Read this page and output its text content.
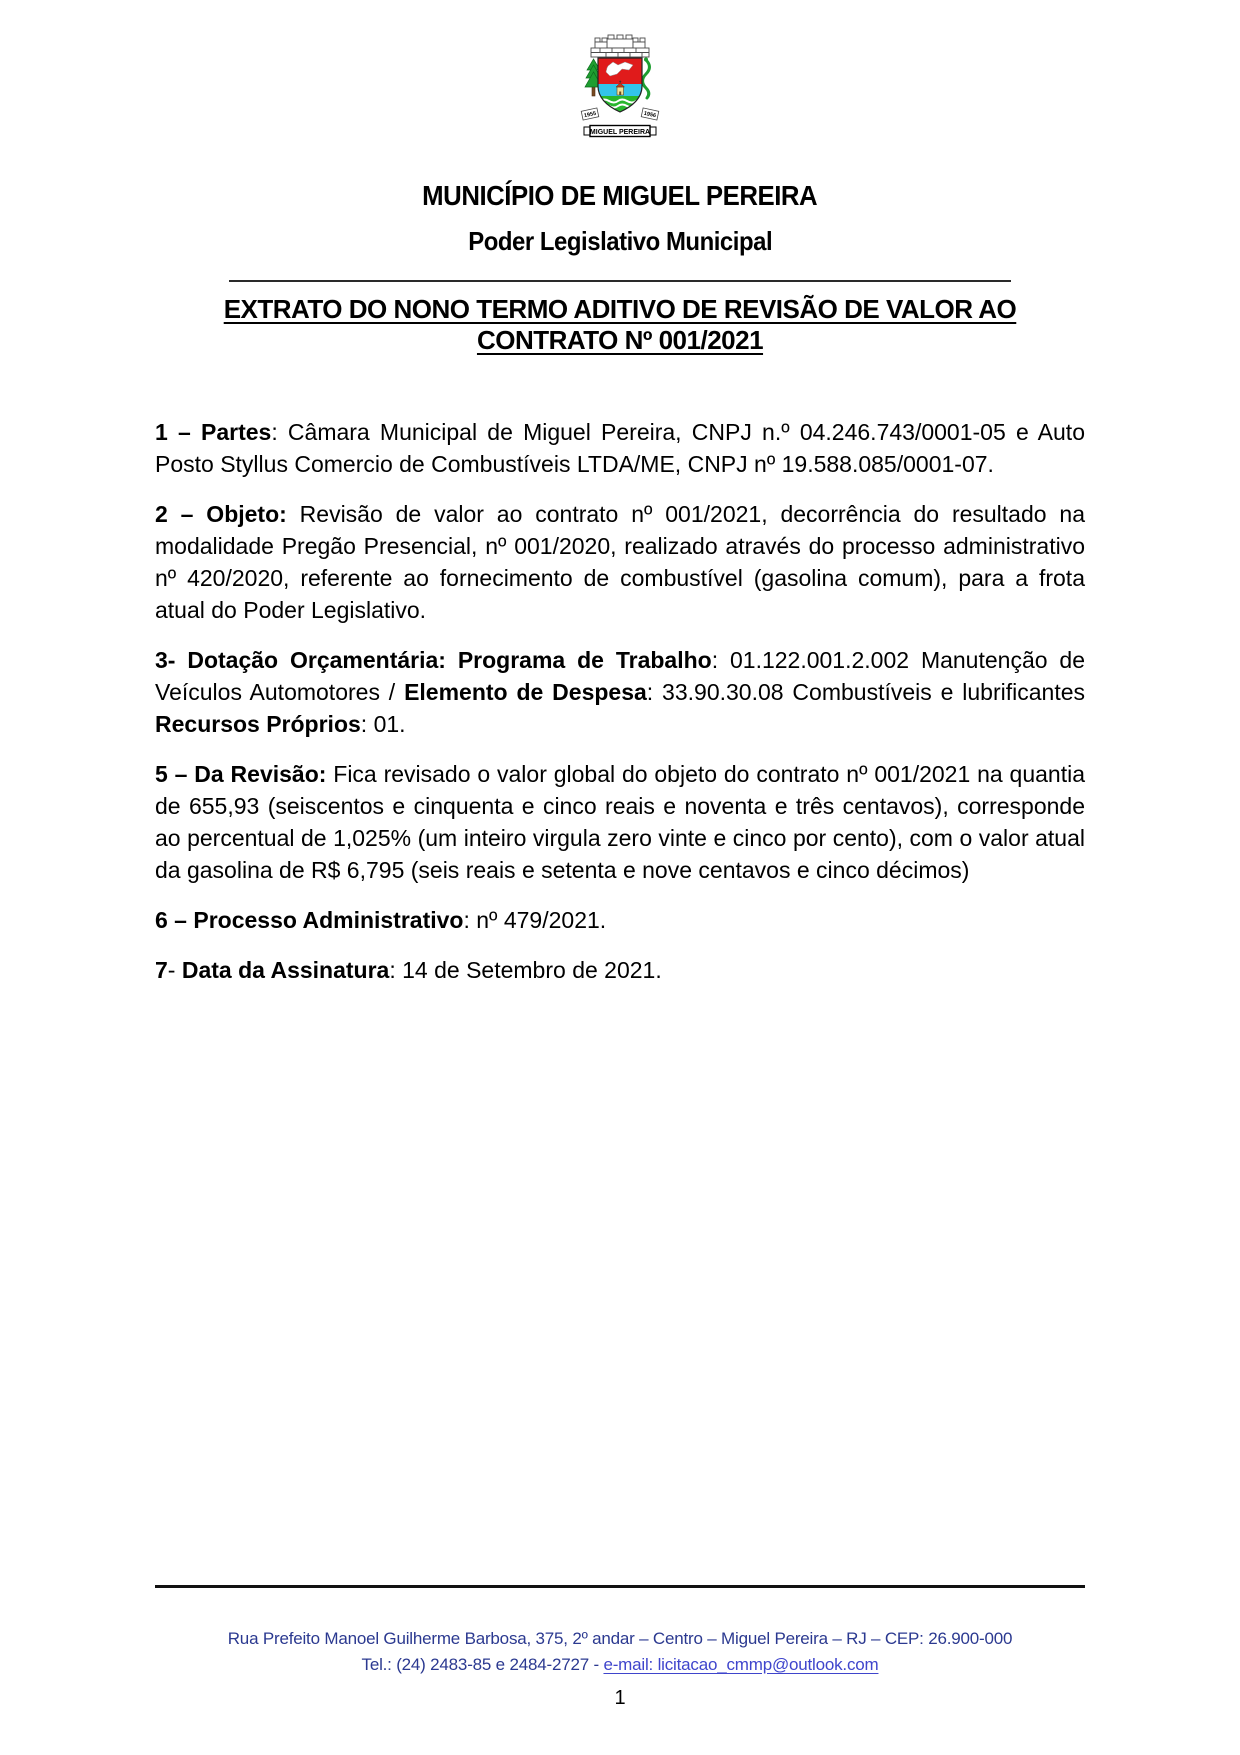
1955	1956
MIGUEL PEREIRA
MUNICÍPIO DE MIGUEL PEREIRA
Poder Legislativo Municipal
EXTRATO DO NONO TERMO ADITIVO DE REVISÃO DE VALOR AO
CONTRATO Nº 001/2021

1 – Partes: Câmara Municipal de Miguel Pereira, CNPJ n.º 04.246.743/0001-05 e Auto Posto Styllus Comercio de Combustíveis LTDA/ME, CNPJ nº 19.588.085/0001-07.

2 – Objeto: Revisão de valor ao contrato nº 001/2021, decorrência do resultado na modalidade Pregão Presencial, nº 001/2020, realizado através do processo administrativo nº 420/2020, referente ao fornecimento de combustível (gasolina comum), para a frota atual do Poder Legislativo.

3- Dotação Orçamentária: Programa de Trabalho: 01.122.001.2.002 Manutenção de Veículos Automotores / Elemento de Despesa: 33.90.30.08 Combustíveis e lubrificantes Recursos Próprios: 01.

5 – Da Revisão: Fica revisado o valor global do objeto do contrato nº 001/2021 na quantia de 655,93 (seiscentos e cinquenta e cinco reais e noventa e três centavos), corresponde ao percentual de 1,025% (um inteiro virgula zero vinte e cinco por cento), com o valor atual da gasolina de R$ 6,795 (seis reais e setenta e nove centavos e cinco décimos)

6 – Processo Administrativo: nº 479/2021.

7- Data da Assinatura: 14 de Setembro de 2021.

Rua Prefeito Manoel Guilherme Barbosa, 375, 2º andar – Centro – Miguel Pereira – RJ – CEP: 26.900-000
Tel.: (24) 2483-85 e 2484-2727 - e-mail: licitacao_cmmp@outlook.com
1
